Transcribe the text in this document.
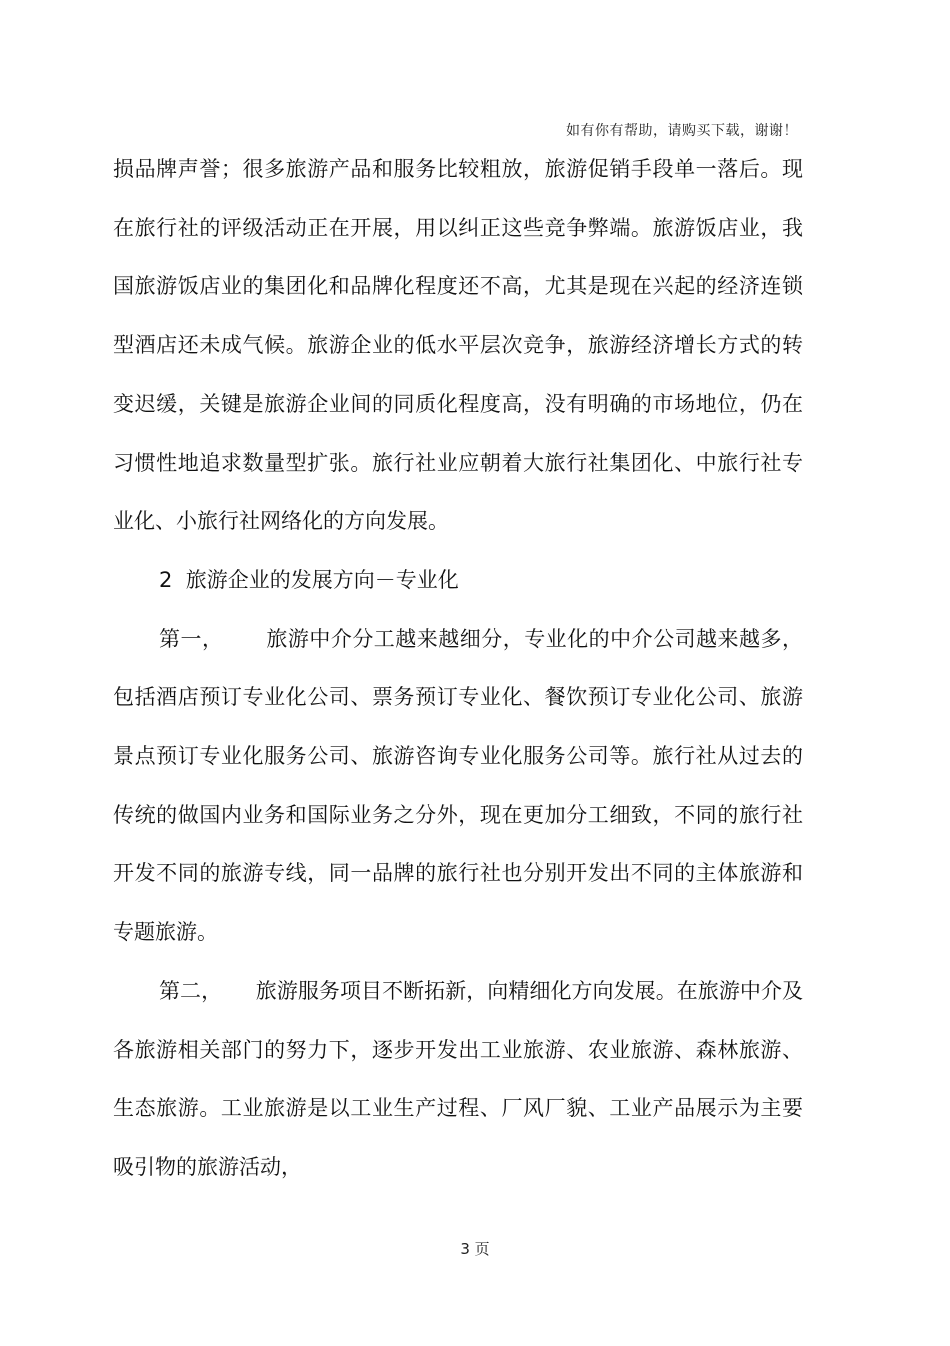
如有你有帮助，请购买下载，谢谢！

损品牌声誉；很多旅游产品和服务比较粗放，旅游促销手段单一落后。现在旅行社的评级活动正在开展，用以纠正这些竞争弊端。旅游饭店业，我国旅游饭店业的集团化和品牌化程度还不高，尤其是现在兴起的经济连锁型酒店还未成气候。旅游企业的低水平层次竞争，旅游经济增长方式的转变迟缓，关键是旅游企业间的同质化程度高，没有明确的市场地位，仍在习惯性地追求数量型扩张。旅行社业应朝着大旅行社集团化、中旅行社专业化、小旅行社网络化的方向发展。

2  旅游企业的发展方向－专业化

第一，      旅游中介分工越来越细分，专业化的中介公司越来越多，包括酒店预订专业化公司、票务预订专业化、餐饮预订专业化公司、旅游景点预订专业化服务公司、旅游咨询专业化服务公司等。旅行社从过去的传统的做国内业务和国际业务之分外，现在更加分工细致，不同的旅行社开发不同的旅游专线，同一品牌的旅行社也分别开发出不同的主体旅游和专题旅游。

第二，     旅游服务项目不断拓新，向精细化方向发展。在旅游中介及各旅游相关部门的努力下，逐步开发出工业旅游、农业旅游、森林旅游、生态旅游。工业旅游是以工业生产过程、厂风厂貌、工业产品展示为主要吸引物的旅游活动，

3 页
